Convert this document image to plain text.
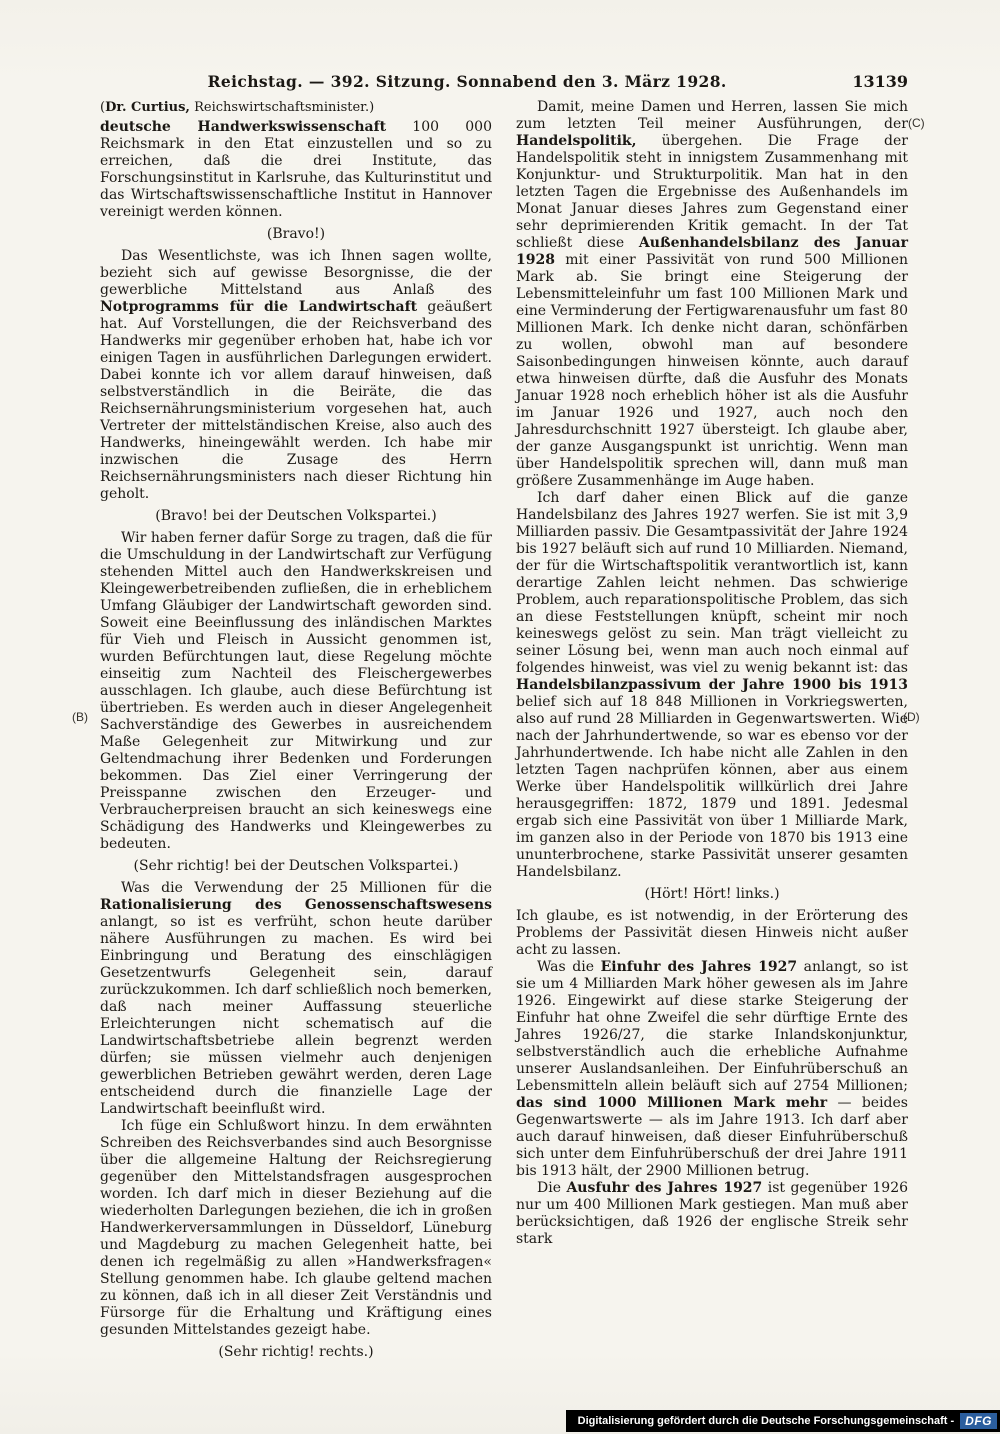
Reichstag. — 392. Sitzung. Sonnabend den 3. März 1928.	13139
(C)
(B)	(D)
(Dr. Curtius, Reichswirtschaftsminister.)
deutsche Handwerkswissenschaft 100 000 Reichsmark in den Etat einzustellen und so zu erreichen, daß die drei Institute, das Forschungsinstitut in Karlsruhe, das Kulturinstitut und das Wirtschaftswissenschaftliche Institut in Hannover vereinigt werden können.
(Bravo!)
Das Wesentlichste, was ich Ihnen sagen wollte, bezieht sich auf gewisse Besorgnisse, die der gewerbliche Mittelstand aus Anlaß des Notprogramms für die Landwirtschaft geäußert hat. Auf Vorstellungen, die der Reichsverband des Handwerks mir gegenüber erhoben hat, habe ich vor einigen Tagen in ausführlichen Darlegungen erwidert. Dabei konnte ich vor allem darauf hinweisen, daß selbstverständlich in die Beiräte, die das Reichsernährungsministerium vorgesehen hat, auch Vertreter der mittelständischen Kreise, also auch des Handwerks, hineingewählt werden. Ich habe mir inzwischen die Zusage des Herrn Reichsernährungsministers nach dieser Richtung hin geholt.
(Bravo! bei der Deutschen Volkspartei.)
Wir haben ferner dafür Sorge zu tragen, daß die für die Umschuldung in der Landwirtschaft zur Verfügung stehenden Mittel auch den Handwerkskreisen und Kleingewerbetreibenden zufließen, die in erheblichem Umfang Gläubiger der Landwirtschaft geworden sind. Soweit eine Beeinflussung des inländischen Marktes für Vieh und Fleisch in Aussicht genommen ist, wurden Befürchtungen laut, diese Regelung möchte einseitig zum Nachteil des Fleischergewerbes ausschlagen. Ich glaube, auch diese Befürchtung ist übertrieben. Es werden auch in dieser Angelegenheit Sachverständige des Gewerbes in ausreichendem Maße Gelegenheit zur Mitwirkung und zur Geltendmachung ihrer Bedenken und Forderungen bekommen. Das Ziel einer Verringerung der Preisspanne zwischen den Erzeuger- und Verbraucherpreisen braucht an sich keineswegs eine Schädigung des Handwerks und Kleingewerbes zu bedeuten.
(Sehr richtig! bei der Deutschen Volkspartei.)
Was die Verwendung der 25 Millionen für die Rationalisierung des Genossenschaftswesens anlangt, so ist es verfrüht, schon heute darüber nähere Ausführungen zu machen. Es wird bei Einbringung und Beratung des einschlägigen Gesetzentwurfs Gelegenheit sein, darauf zurückzukommen. Ich darf schließlich noch bemerken, daß nach meiner Auffassung steuerliche Erleichterungen nicht schematisch auf die Landwirtschaftsbetriebe allein begrenzt werden dürfen; sie müssen vielmehr auch denjenigen gewerblichen Betrieben gewährt werden, deren Lage entscheidend durch die finanzielle Lage der Landwirtschaft beeinflußt wird.
Ich füge ein Schlußwort hinzu. In dem erwähnten Schreiben des Reichsverbandes sind auch Besorgnisse über die allgemeine Haltung der Reichsregierung gegenüber den Mittelstandsfragen ausgesprochen worden. Ich darf mich in dieser Beziehung auf die wiederholten Darlegungen beziehen, die ich in großen Handwerkerversammlungen in Düsseldorf, Lüneburg und Magdeburg zu machen Gelegenheit hatte, bei denen ich regelmäßig zu allen »Handwerksfragen« Stellung genommen habe. Ich glaube geltend machen zu können, daß ich in all dieser Zeit Verständnis und Fürsorge für die Erhaltung und Kräftigung eines gesunden Mittelstandes gezeigt habe.
(Sehr richtig! rechts.)
Damit, meine Damen und Herren, lassen Sie mich zum letzten Teil meiner Ausführungen, der Handelspolitik, übergehen. Die Frage der Handelspolitik steht in innigstem Zusammenhang mit Konjunktur- und Strukturpolitik. Man hat in den letzten Tagen die Ergebnisse des Außenhandels im Monat Januar dieses Jahres zum Gegenstand einer sehr deprimierenden Kritik gemacht. In der Tat schließt diese Außenhandelsbilanz des Januar 1928 mit einer Passivität von rund 500 Millionen Mark ab. Sie bringt eine Steigerung der Lebensmitteleinfuhr um fast 100 Millionen Mark und eine Verminderung der Fertigwarenausfuhr um fast 80 Millionen Mark. Ich denke nicht daran, schönfärben zu wollen, obwohl man auf besondere Saisonbedingungen hinweisen könnte, auch darauf etwa hinweisen dürfte, daß die Ausfuhr des Monats Januar 1928 noch erheblich höher ist als die Ausfuhr im Januar 1926 und 1927, auch noch den Jahresdurchschnitt 1927 übersteigt. Ich glaube aber, der ganze Ausgangspunkt ist unrichtig. Wenn man über Handelspolitik sprechen will, dann muß man größere Zusammenhänge im Auge haben.
Ich darf daher einen Blick auf die ganze Handelsbilanz des Jahres 1927 werfen. Sie ist mit 3,9 Milliarden passiv. Die Gesamtpassivität der Jahre 1924 bis 1927 beläuft sich auf rund 10 Milliarden. Niemand, der für die Wirtschaftspolitik verantwortlich ist, kann derartige Zahlen leicht nehmen. Das schwierige Problem, auch reparationspolitische Problem, das sich an diese Feststellungen knüpft, scheint mir noch keineswegs gelöst zu sein. Man trägt vielleicht zu seiner Lösung bei, wenn man auch noch einmal auf folgendes hinweist, was viel zu wenig bekannt ist: das Handelsbilanzpassivum der Jahre 1900 bis 1913 belief sich auf 18 848 Millionen in Vorkriegswerten, also auf rund 28 Milliarden in Gegenwartswerten. Wie nach der Jahrhundertwende, so war es ebenso vor der Jahrhundertwende. Ich habe nicht alle Zahlen in den letzten Tagen nachprüfen können, aber aus einem Werke über Handelspolitik willkürlich drei Jahre herausgegriffen: 1872, 1879 und 1891. Jedesmal ergab sich eine Passivität von über 1 Milliarde Mark, im ganzen also in der Periode von 1870 bis 1913 eine ununterbrochene, starke Passivität unserer gesamten Handelsbilanz.
(Hört! Hört! links.)
Ich glaube, es ist notwendig, in der Erörterung des Problems der Passivität diesen Hinweis nicht außer acht zu lassen.
Was die Einfuhr des Jahres 1927 anlangt, so ist sie um 4 Milliarden Mark höher gewesen als im Jahre 1926. Eingewirkt auf diese starke Steigerung der Einfuhr hat ohne Zweifel die sehr dürftige Ernte des Jahres 1926/27, die starke Inlandskonjunktur, selbstverständlich auch die erhebliche Aufnahme unserer Auslandsanleihen. Der Einfuhrüberschuß an Lebensmitteln allein beläuft sich auf 2754 Millionen; das sind 1000 Millionen Mark mehr — beides Gegenwartswerte — als im Jahre 1913. Ich darf aber auch darauf hinweisen, daß dieser Einfuhrüberschuß sich unter dem Einfuhrüberschuß der drei Jahre 1911 bis 1913 hält, der 2900 Millionen betrug.
Die Ausfuhr des Jahres 1927 ist gegenüber 1926 nur um 400 Millionen Mark gestiegen. Man muß aber berücksichtigen, daß 1926 der englische Streik sehr stark
Digitalisierung gefördert durch die Deutsche Forschungsgemeinschaft - DFG
